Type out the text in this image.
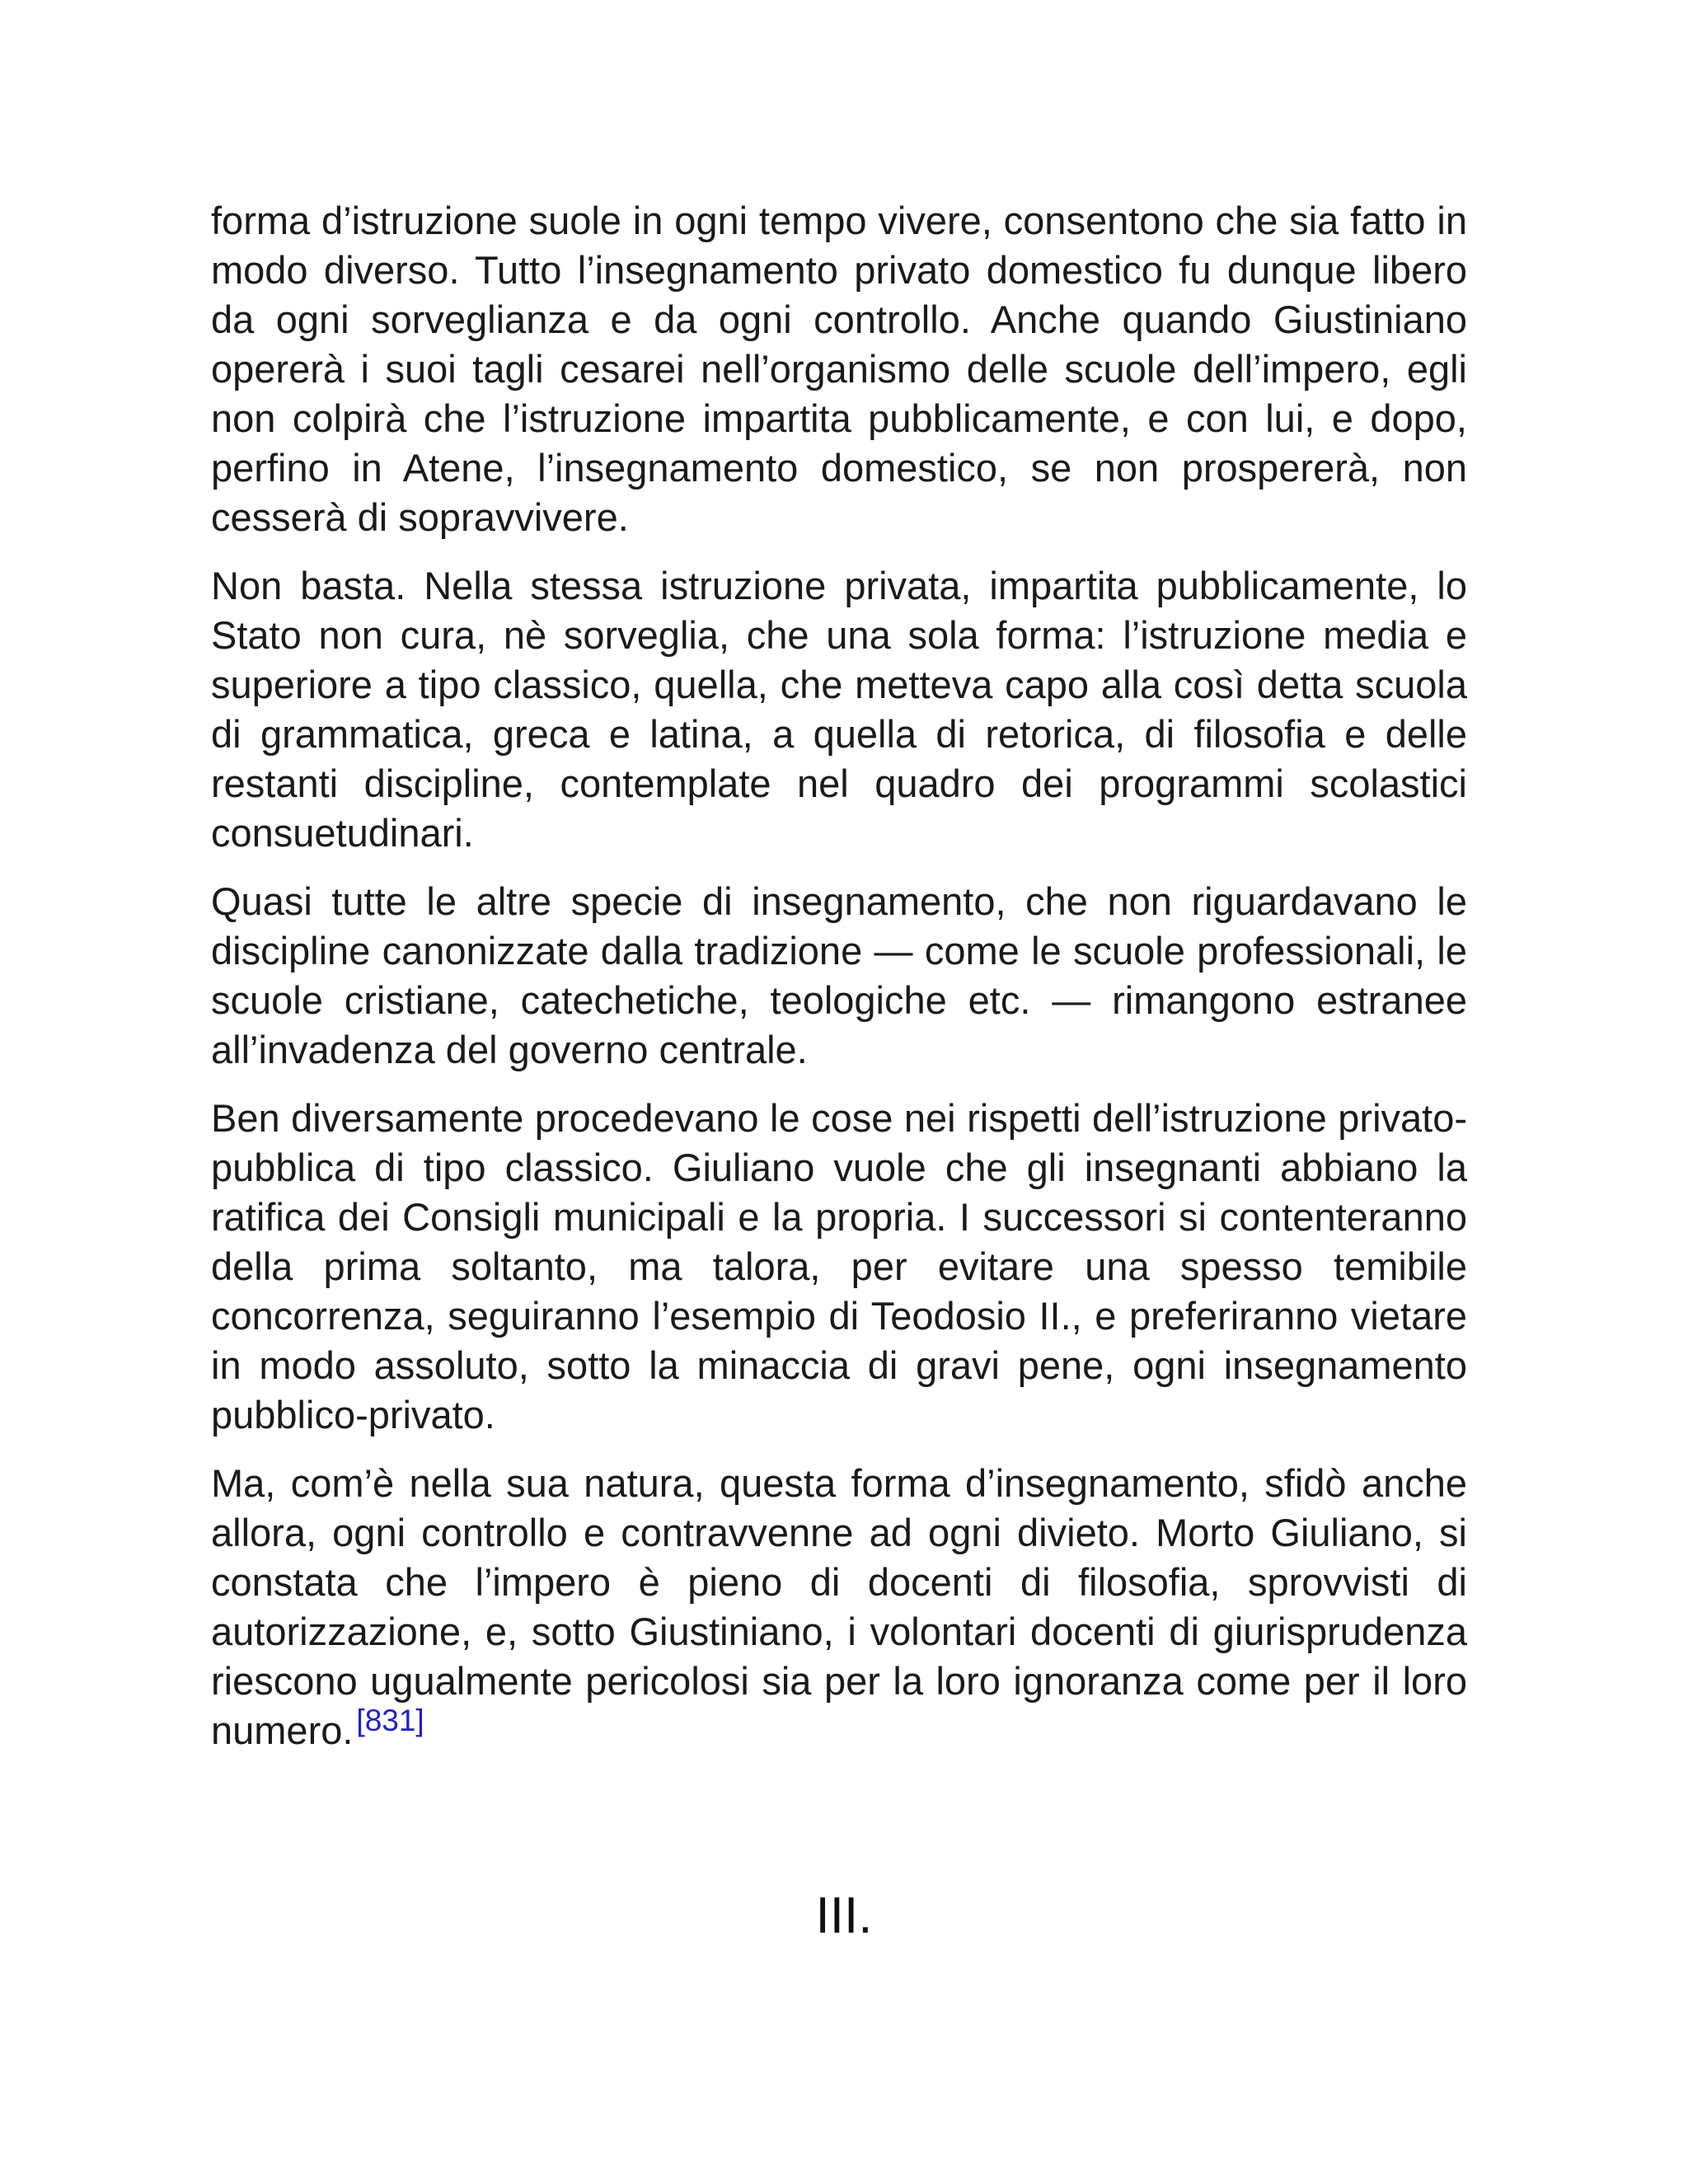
forma d’istruzione suole in ogni tempo vivere, consentono che sia fatto in modo diverso. Tutto l’insegnamento privato domestico fu dunque libero da ogni sorveglianza e da ogni controllo. Anche quando Giustiniano opererà i suoi tagli cesarei nell’organismo delle scuole dell’impero, egli non colpirà che l’istruzione impartita pubblicamente, e con lui, e dopo, perfino in Atene, l’insegnamento domestico, se non prospererà, non cesserà di sopravvivere.

Non basta. Nella stessa istruzione privata, impartita pubblicamente, lo Stato non cura, nè sorveglia, che una sola forma: l’istruzione media e superiore a tipo classico, quella, che metteva capo alla così detta scuola di grammatica, greca e latina, a quella di retorica, di filosofia e delle restanti discipline, contemplate nel quadro dei programmi scolastici consuetudinari.

Quasi tutte le altre specie di insegnamento, che non riguardavano le discipline canonizzate dalla tradizione — come le scuole professionali, le scuole cristiane, catechetiche, teologiche etc. — rimangono estranee all’invadenza del governo centrale.

Ben diversamente procedevano le cose nei rispetti dell’istruzione privato-pubblica di tipo classico. Giuliano vuole che gli insegnanti abbiano la ratifica dei Consigli municipali e la propria. I successori si contenteranno della prima soltanto, ma talora, per evitare una spesso temibile concorrenza, seguiranno l’esempio di Teodosio II., e preferiranno vietare in modo assoluto, sotto la minaccia di gravi pene, ogni insegnamento pubblico-privato.

Ma, com’è nella sua natura, questa forma d’insegnamento, sfidò anche allora, ogni controllo e contravvenne ad ogni divieto. Morto Giuliano, si constata che l’impero è pieno di docenti di filosofia, sprovvisti di autorizzazione, e, sotto Giustiniano, i volontari docenti di giurisprudenza riescono ugualmente pericolosi sia per la loro ignoranza come per il loro numero. [831]

III.
